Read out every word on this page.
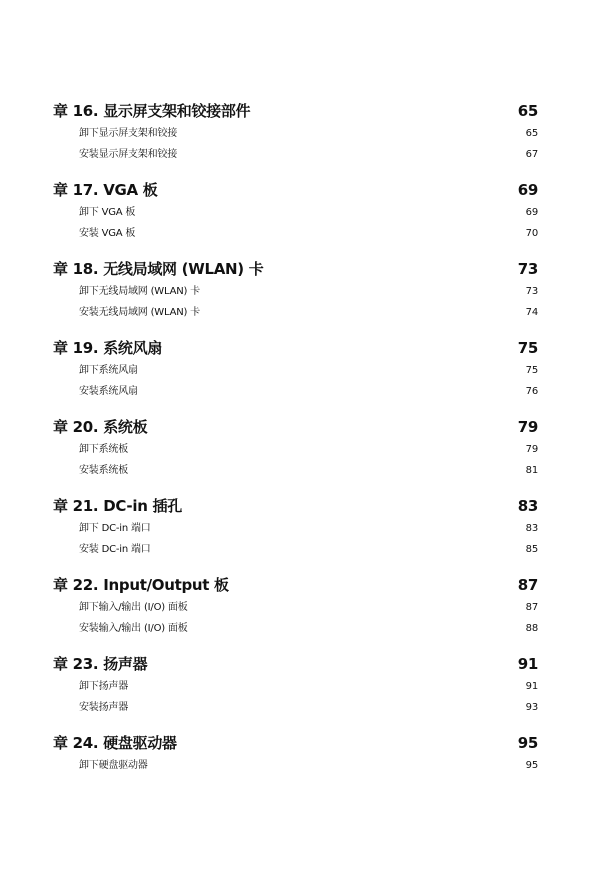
章 16. 显示屏支架和铰接部件	65
卸下显示屏支架和铰接	65
安装显示屏支架和铰接	67
章 17. VGA 板	69
卸下 VGA 板	69
安装 VGA 板	70
章 18. 无线局域网 (WLAN) 卡	73
卸下无线局域网 (WLAN) 卡	73
安装无线局域网 (WLAN) 卡	74
章 19. 系统风扇	75
卸下系统风扇	75
安装系统风扇	76
章 20. 系统板	79
卸下系统板	79
安装系统板	81
章 21. DC-in 插孔	83
卸下 DC-in 端口	83
安装 DC-in 端口	85
章 22. Input/Output 板	87
卸下输入/输出 (I/O) 面板	87
安装输入/输出 (I/O) 面板	88
章 23. 扬声器	91
卸下扬声器	91
安装扬声器	93
章 24. 硬盘驱动器	95
卸下硬盘驱动器	95
